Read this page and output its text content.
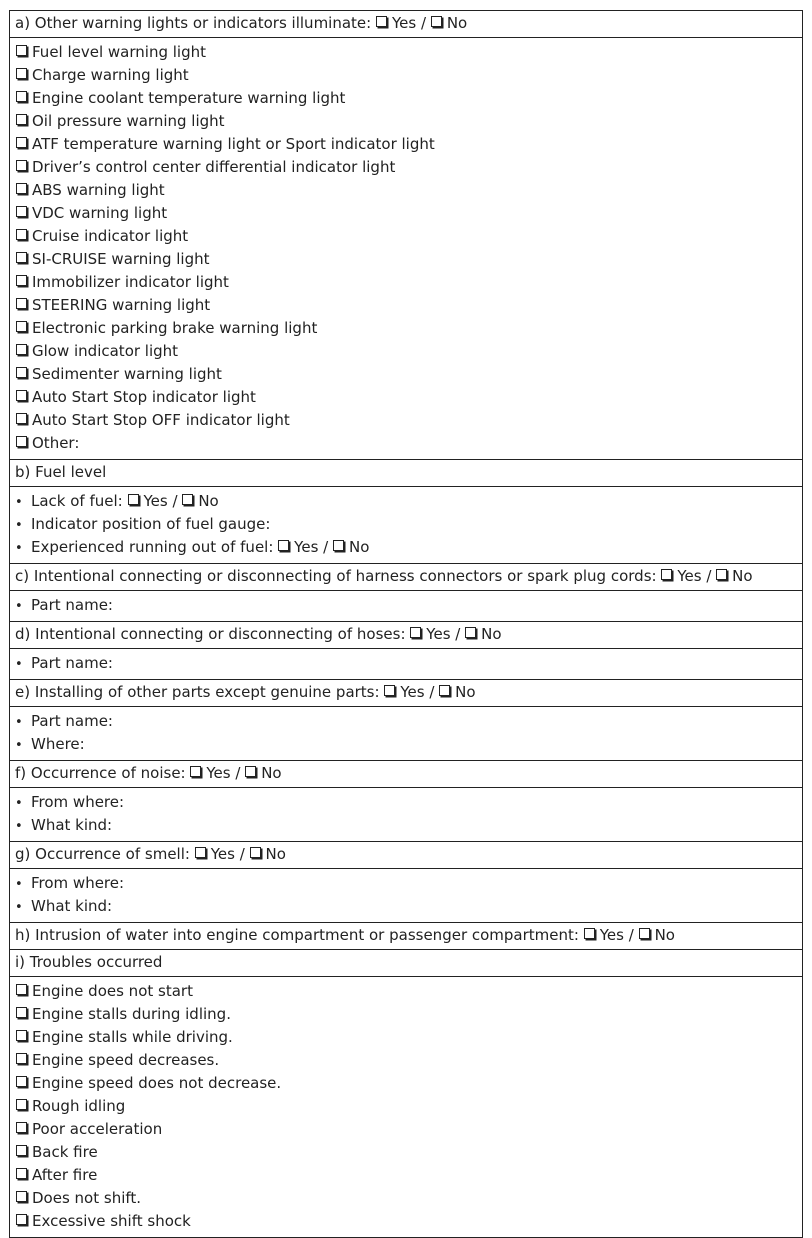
a) Other warning lights or indicators illuminate: Yes / No
Fuel level warning light
Charge warning light
Engine coolant temperature warning light
Oil pressure warning light
ATF temperature warning light or Sport indicator light
Driver’s control center differential indicator light
ABS warning light
VDC warning light
Cruise indicator light
SI-CRUISE warning light
Immobilizer indicator light
STEERING warning light
Electronic parking brake warning light
Glow indicator light
Sedimenter warning light
Auto Start Stop indicator light
Auto Start Stop OFF indicator light
Other:
b) Fuel level
• Lack of fuel: Yes / No
• Indicator position of fuel gauge:
• Experienced running out of fuel: Yes / No
c) Intentional connecting or disconnecting of harness connectors or spark plug cords: Yes / No
• Part name:
d) Intentional connecting or disconnecting of hoses: Yes / No
• Part name:
e) Installing of other parts except genuine parts: Yes / No
• Part name:
• Where:
f) Occurrence of noise: Yes / No
• From where:
• What kind:
g) Occurrence of smell: Yes / No
• From where:
• What kind:
h) Intrusion of water into engine compartment or passenger compartment: Yes / No
i) Troubles occurred
Engine does not start
Engine stalls during idling.
Engine stalls while driving.
Engine speed decreases.
Engine speed does not decrease.
Rough idling
Poor acceleration
Back fire
After fire
Does not shift.
Excessive shift shock
